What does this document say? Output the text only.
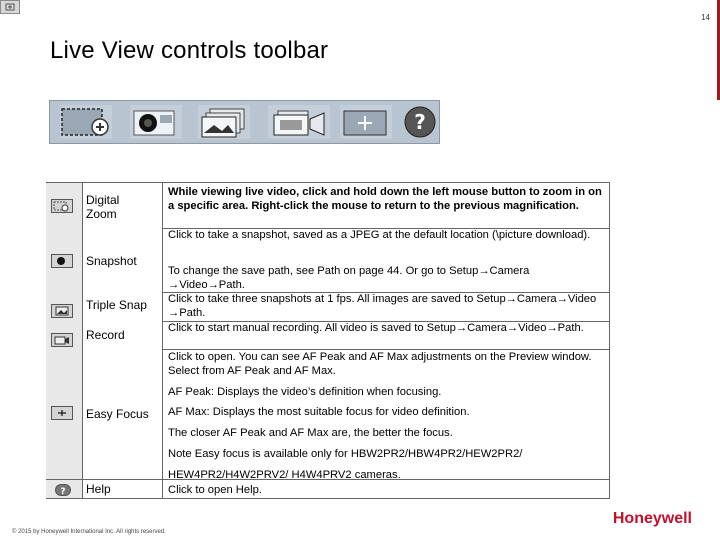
14
Live View controls toolbar
?
?
Digital Zoom
Snapshot
Triple Snap
Record
Easy Focus
Help
While viewing live video, click and hold down the left mouse button to zoom in on a specific area. Right-click the mouse to return to the previous magnification.
Click to take a snapshot, saved as a JPEG at the default location (\picture download).
To change the save path, see Path on page 44. Or go to Setup→Camera →Video→Path.
Click to take three snapshots at 1 fps. All images are saved to Setup→Camera→Video →Path.
Click to start manual recording. All video is saved to Setup→Camera→Video→Path.
Click to open. You can see AF Peak and AF Max adjustments on the Preview window. Select from AF Peak and AF Max.
AF Peak: Displays the video’s definition when focusing.
AF Max: Displays the most suitable focus for video definition.
The closer AF Peak and AF Max are, the better the focus.
Note Easy focus is available only for HBW2PR2/HBW4PR2/HEW2PR2/
HEW4PR2/H4W2PRV2/ H4W4PRV2 cameras.
Click to open Help.
© 2015 by Honeywell International Inc. All rights reserved.
Honeywell
